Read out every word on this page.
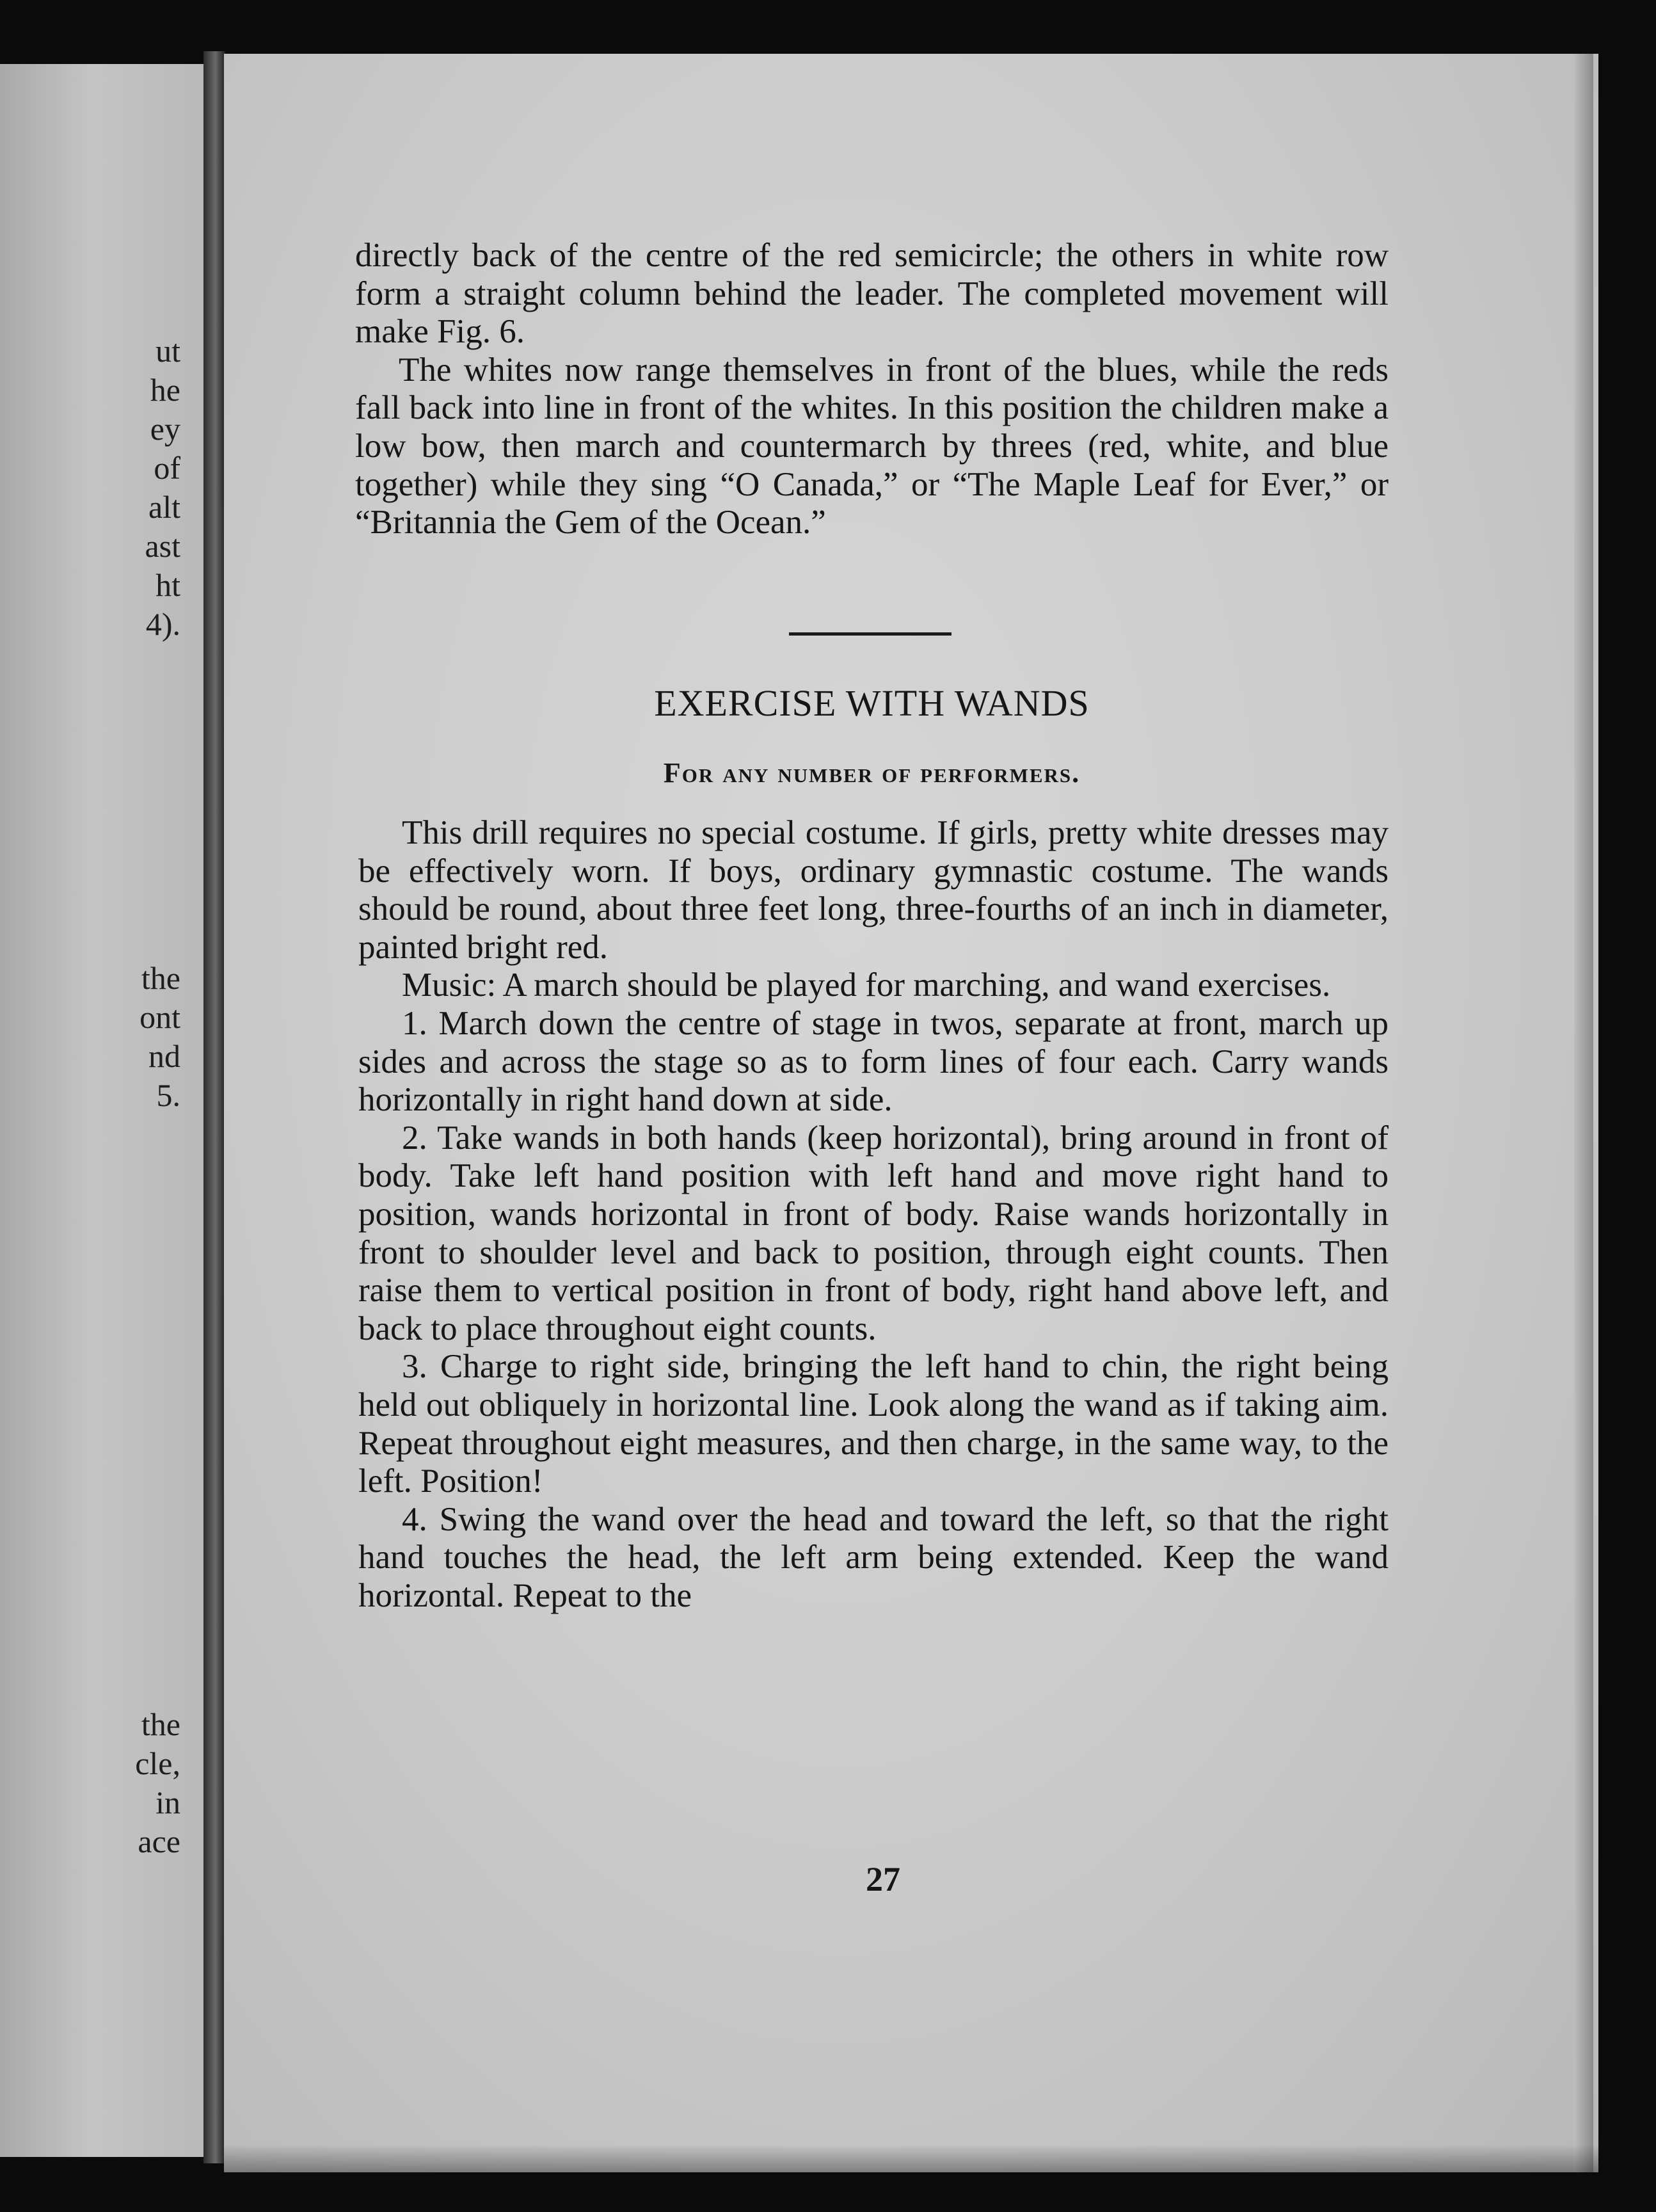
ut
he
ey
of
alt
ast
ht
4).
the
ont
nd
5.
the
cle,
in
ace

directly back of the centre of the red semicircle; the others in white row form a straight column behind the leader. The completed movement will make Fig. 6.

The whites now range themselves in front of the blues, while the reds fall back into line in front of the whites. In this position the children make a low bow, then march and countermarch by threes (red, white, and blue together) while they sing “O Canada,” or “The Maple Leaf for Ever,” or “Britannia the Gem of the Ocean.”

EXERCISE WITH WANDS
For any number of performers.

This drill requires no special costume. If girls, pretty white dresses may be effectively worn. If boys, ordinary gymnastic costume. The wands should be round, about three feet long, three-fourths of an inch in diameter, painted bright red.

Music: A march should be played for marching, and wand exercises.

1. March down the centre of stage in twos, separate at front, march up sides and across the stage so as to form lines of four each. Carry wands horizontally in right hand down at side.

2. Take wands in both hands (keep horizontal), bring around in front of body. Take left hand position with left hand and move right hand to position, wands horizontal in front of body. Raise wands horizontally in front to shoulder level and back to position, through eight counts. Then raise them to vertical position in front of body, right hand above left, and back to place throughout eight counts.

3. Charge to right side, bringing the left hand to chin, the right being held out obliquely in horizontal line. Look along the wand as if taking aim. Repeat throughout eight measures, and then charge, in the same way, to the left. Position!

4. Swing the wand over the head and toward the left, so that the right hand touches the head, the left arm being extended. Keep the wand horizontal. Repeat to the

27
